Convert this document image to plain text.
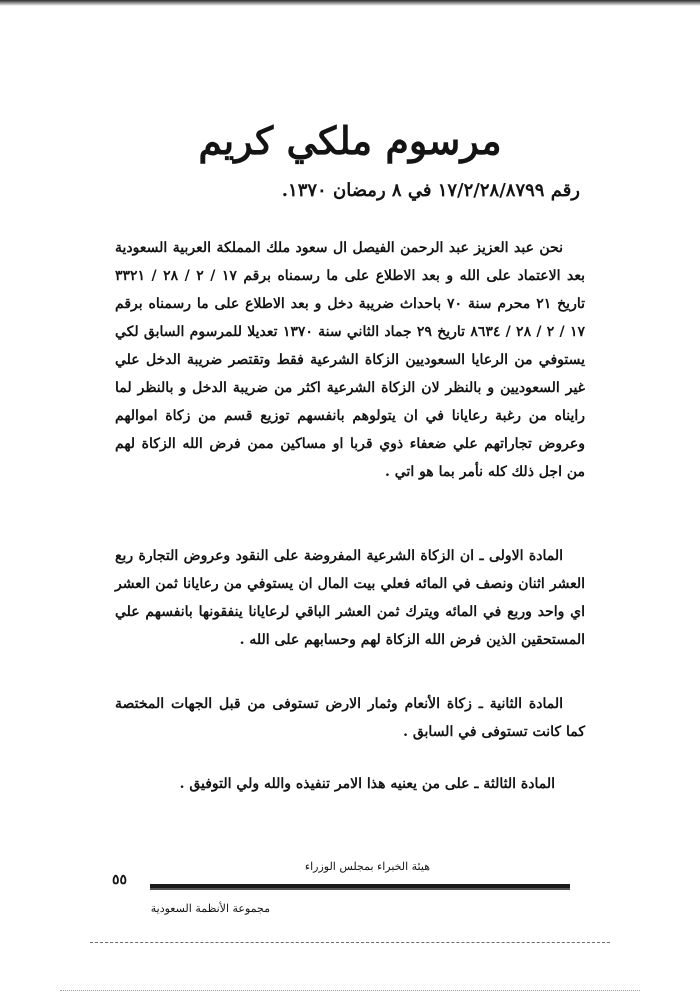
مرسوم ملكي كريم
رقم ١٧/٢/٢٨/٨٧٩٩ في ٨ رمضان ١٣٧٠.
نحن عبد العزيز عبد الرحمن الفيصل ال سعود ملك المملكة العربية السعودية بعد الاعتماد على الله و بعد الاطلاع على ما رسمناه برقم ١٧ / ٢ / ٢٨ / ٣٣٢١ تاريخ ٢١ محرم سنة ٧٠ باحداث ضريبة دخل و بعد الاطلاع على ما رسمناه برقم ١٧ / ٢ / ٢٨ / ٨٦٣٤ تاريخ ٢٩ جماد الثاني سنة ١٣٧٠ تعديلا للمرسوم السابق لكي يستوفي من الرعايا السعوديين الزكاة الشرعية فقط وتقتصر ضريبة الدخل علي غير السعوديين و بالنظر لان الزكاة الشرعية اكثر من ضريبة الدخل و بالنظر لما رايناه من رغبة رعايانا في ان يتولوهم بانفسهم توزيع قسم من زكاة اموالهم وعروض تجاراتهم علي ضعفاء ذوي قربا او مساكين ممن فرض الله الزكاة لهم من اجل ذلك كله نأمر بما هو اتي .
المادة الاولى ـ ان الزكاة الشرعية المفروضة على النقود وعروض التجارة ربع العشر اثنان ونصف في المائه فعلي بيت المال ان يستوفي من رعايانا ثمن العشر اي واحد وربع في المائه ويترك ثمن العشر الباقي لرعايانا ينفقونها بانفسهم علي المستحقين الذين فرض الله الزكاة لهم وحسابهم على الله .
المادة الثانية ـ زكاة الأنعام وثمار الارض تستوفى من قبل الجهات المختصة كما كانت تستوفى في السابق .
المادة الثالثة ـ على من يعنيه هذا الامر تنفيذه والله ولي التوفيق .
هيئة الخبراء بمجلس الوزراء
٥٥
مجموعة الأنظمة السعودية
